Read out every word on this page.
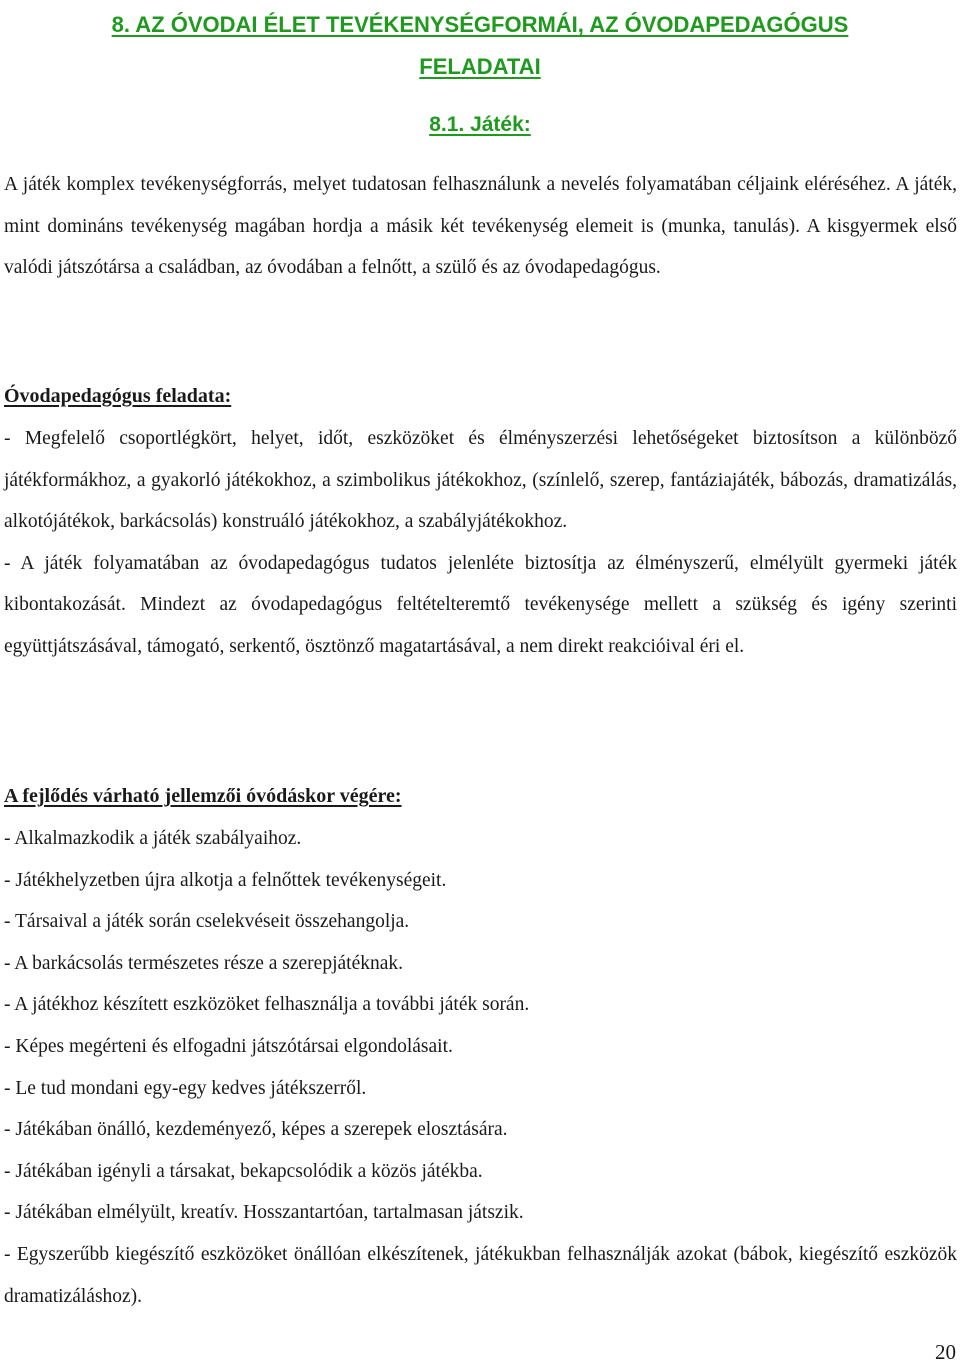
8. AZ ÓVODAI ÉLET TEVÉKENYSÉGFORMÁI, AZ ÓVODAPEDAGÓGUS
FELADATAI
8.1. Játék:

A játék komplex tevékenységforrás, melyet tudatosan felhasználunk a nevelés folyamatában céljaink eléréséhez. A játék, mint domináns tevékenység magában hordja a másik két tevékenység elemeit is (munka, tanulás). A kisgyermek első valódi játszótársa a családban, az óvodában a felnőtt, a szülő és az óvodapedagógus.

Óvodapedagógus feladata:

- Megfelelő csoportlégkört, helyet, időt, eszközöket és élményszerzési lehetőségeket biztosítson a különböző játékformákhoz, a gyakorló játékokhoz, a szimbolikus játékokhoz, (színlelő, szerep, fantáziajáték, bábozás, dramatizálás, alkotójátékok, barkácsolás) konstruáló játékokhoz, a szabályjátékokhoz.
- A játék folyamatában az óvodapedagógus tudatos jelenléte biztosítja az élményszerű, elmélyült gyermeki játék kibontakozását. Mindezt az óvodapedagógus feltételteremtő tevékenysége mellett a szükség és igény szerinti együttjátszásával, támogató, serkentő, ösztönző magatartásával, a nem direkt reakcióival éri el.

A fejlődés várható jellemzői óvódáskor végére:

- Alkalmazkodik a játék szabályaihoz.
- Játékhelyzetben újra alkotja a felnőttek tevékenységeit.
- Társaival a játék során cselekvéseit összehangolja.
- A barkácsolás természetes része a szerepjátéknak.
- A játékhoz készített eszközöket felhasználja a további játék során.
- Képes megérteni és elfogadni játszótársai elgondolásait.
- Le tud mondani egy-egy kedves játékszerről.
- Játékában önálló, kezdeményező, képes a szerepek elosztására.
- Játékában igényli a társakat, bekapcsolódik a közös játékba.
- Játékában elmélyült, kreatív. Hosszantartóan, tartalmasan játszik.
- Egyszerűbb kiegészítő eszközöket önállóan elkészítenek, játékukban felhasználják azokat (bábok, kiegészítő eszközök dramatizáláshoz).
20
